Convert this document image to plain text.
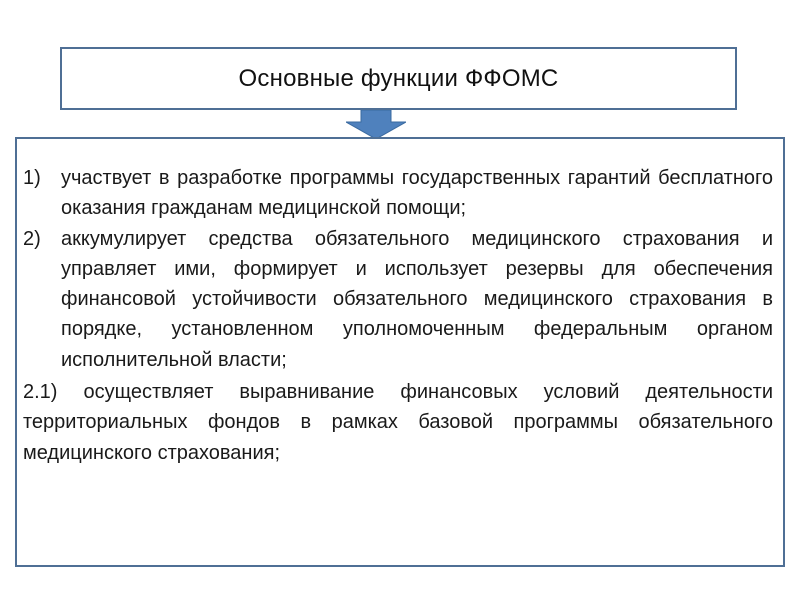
Основные функции ФФОМС
1)	участвует в разработке программы государственных гарантий бесплатного оказания гражданам медицинской помощи;
2)	аккумулирует средства обязательного медицинского страхования и управляет ими, формирует и использует резервы для обеспечения финансовой устойчивости обязательного медицинского страхования в порядке, установленном уполномоченным федеральным органом исполнительной власти;
2.1) осуществляет выравнивание финансовых условий деятельности территориальных фондов в рамках базовой программы обязательного медицинского страхования;
